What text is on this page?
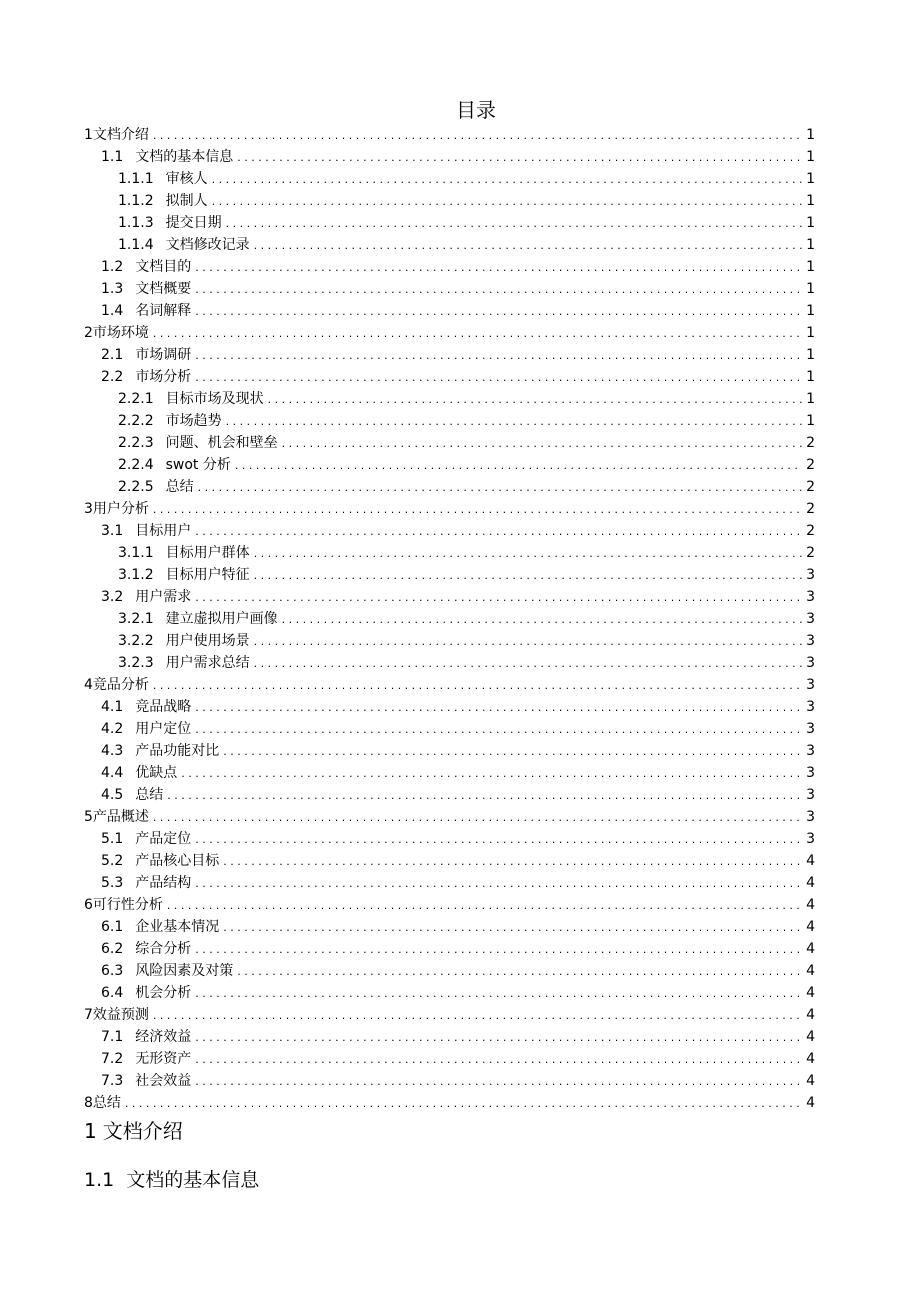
目录
1 文档介绍 . . .	1
1.1 文档的基本信息 . . .	1
1.1.1 审核人 . . .	1
1.1.2 拟制人 . . .	1
1.1.3 提交日期 . . .	1
1.1.4 文档修改记录 . . .	1
1.2 文档目的 . . .	1
1.3 文档概要 . . .	1
1.4 名词解释 . . .	1
2 市场环境 . . .	1
2.1 市场调研 . . .	1
2.2 市场分析 . . .	1
2.2.1 目标市场及现状 . . .	1
2.2.2 市场趋势 . . .	1
2.2.3 问题、机会和壁垒 . . .	2
2.2.4 swot 分析 . . .	2
2.2.5 总结 . . .	2
3 用户分析 . . .	2
3.1 目标用户 . . .	2
3.1.1 目标用户群体 . . .	2
3.1.2 目标用户特征 . . .	3
3.2 用户需求 . . .	3
3.2.1 建立虚拟用户画像 . . .	3
3.2.2 用户使用场景 . . .	3
3.2.3 用户需求总结 . . .	3
4 竞品分析 . . .	3
4.1 竞品战略 . . .	3
4.2 用户定位 . . .	3
4.3 产品功能对比 . . .	3
4.4 优缺点 . . .	3
4.5 总结 . . .	3
5 产品概述 . . .	3
5.1 产品定位 . . .	3
5.2 产品核心目标 . . .	4
5.3 产品结构 . . .	4
6 可行性分析 . . .	4
6.1 企业基本情况 . . .	4
6.2 综合分析 . . .	4
6.3 风险因素及对策 . . .	4
6.4 机会分析 . . .	4
7 效益预测 . . .	4
7.1 经济效益 . . .	4
7.2 无形资产 . . .	4
7.3 社会效益 . . .	4
8 总结 . . .	4
1 文档介绍
1.1 文档的基本信息
